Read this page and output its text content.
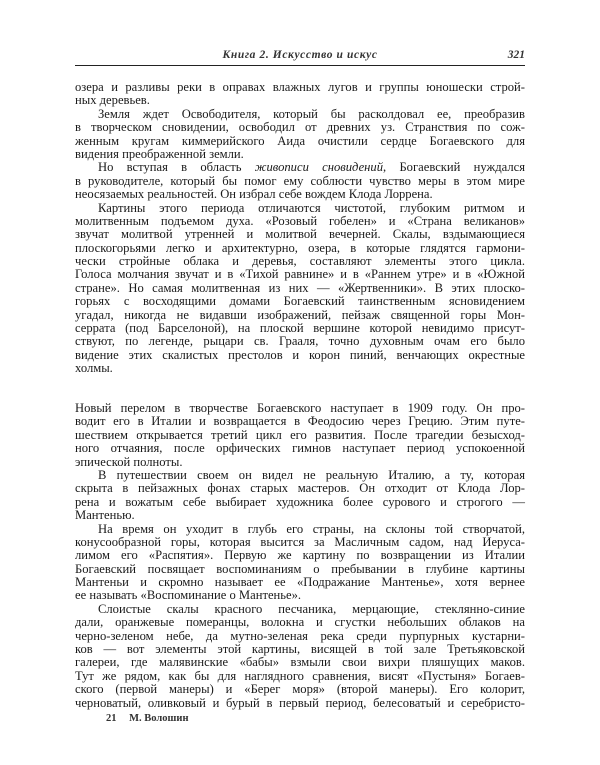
Книга 2. Искусство и искус	321
озера и разливы реки в оправах влажных лугов и группы юношески строй-
ных деревьев.
Земля ждет Освободителя, который бы расколдовал ее, преобразив
в творческом сновидении, освободил от древних уз. Странствия по сож-
женным кругам киммерийского Аида очистили сердце Богаевского для
видения преображенной земли.
Но вступая в область живописи сновидений, Богаевский нуждался
в руководителе, который бы помог ему соблюсти чувство меры в этом мире
неосязаемых реальностей. Он избрал себе вождем Клода Лоррена.
Картины этого периода отличаются чистотой, глубоким ритмом и
молитвенным подъемом духа. «Розовый гобелен» и «Страна великанов»
звучат молитвой утренней и молитвой вечерней. Скалы, вздымающиеся
плоскогорьями легко и архитектурно, озера, в которые глядятся гармони-
чески стройные облака и деревья, составляют элементы этого цикла.
Голоса молчания звучат и в «Тихой равнине» и в «Раннем утре» и в «Южной
стране». Но самая молитвенная из них — «Жертвенники». В этих плоско-
горьях с восходящими домами Богаевский таинственным ясновидением
угадал, никогда не видавши изображений, пейзаж священной горы Мон-
серрата (под Барселоной), на плоской вершине которой невидимо присут-
ствуют, по легенде, рыцари св. Грааля, точно духовным очам его было
видение этих скалистых престолов и корон пиний, венчающих окрестные
холмы.
Новый перелом в творчестве Богаевского наступает в 1909 году. Он про-
водит его в Италии и возвращается в Феодосию через Грецию. Этим путе-
шествием открывается третий цикл его развития. После трагедии безысход-
ного отчаяния, после орфических гимнов наступает период успокоенной
эпической полноты.
В путешествии своем он видел не реальную Италию, а ту, которая
скрыта в пейзажных фонах старых мастеров. Он отходит от Клода Лор-
рена и вожатым себе выбирает художника более сурового и строгого —
Мантенью.
На время он уходит в глубь его страны, на склоны той створчатой,
конусообразной горы, которая высится за Масличным садом, над Иеруса-
лимом его «Распятия». Первую же картину по возвращении из Италии
Богаевский посвящает воспоминаниям о пребывании в глубине картины
Мантеньи и скромно называет ее «Подражание Мантенье», хотя вернее
ее называть «Воспоминание о Мантенье».
Слоистые скалы красного песчаника, мерцающие, стеклянно-синие
дали, оранжевые померанцы, волокна и сгустки небольших облаков на
черно-зеленом небе, да мутно-зеленая река среди пурпурных кустарни-
ков — вот элементы этой картины, висящей в той зале Третьяковской
галереи, где малявинские «бабы» взмыли свои вихри пляшущих маков.
Тут же рядом, как бы для наглядного сравнения, висят «Пустыня» Богаев-
ского (первой манеры) и «Берег моря» (второй манеры). Его колорит,
черноватый, оливковый и бурый в первый период, белесоватый и серебристо-
21 М. Волошин
